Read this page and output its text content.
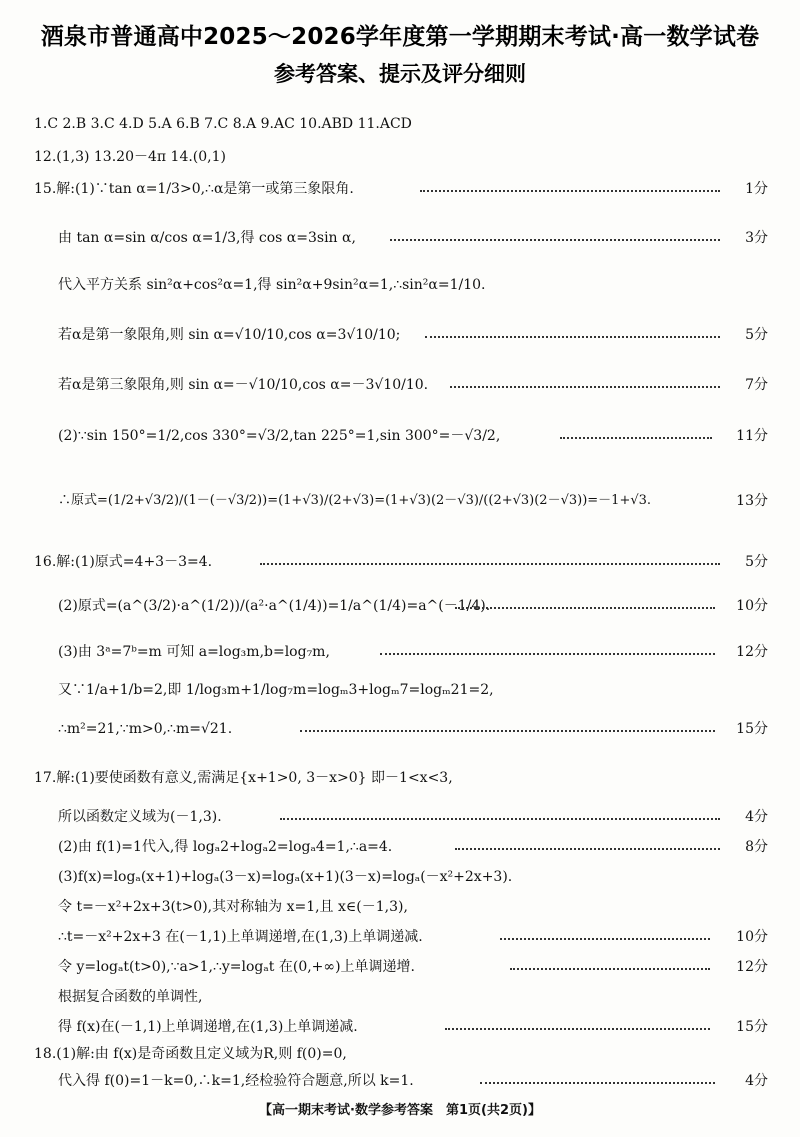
酒泉市普通高中2025～2026学年度第一学期期末考试·高一数学试卷
参考答案、提示及评分细则
1.C 2.B 3.C 4.D 5.A 6.B 7.C 8.A 9.AC 10.ABD 11.ACD
12.(1,3) 13.20－4π 14.(0,1)
15.解:(1)∵tan α=1/3>0,∴α是第一或第三象限角.	1分
由 tan α=sin α/cos α=1/3,得 cos α=3sin α,	3分
代入平方关系 sin²α+cos²α=1,得 sin²α+9sin²α=1,∴sin²α=1/10.
若α是第一象限角,则 sin α=√10/10,cos α=3√10/10;	5分
若α是第三象限角,则 sin α=－√10/10,cos α=－3√10/10.	7分
(2)∵sin 150°=1/2,cos 330°=√3/2,tan 225°=1,sin 300°=－√3/2,	11分
∴原式=(1/2+√3/2)/(1－(－√3/2))=(1+√3)/(2+√3)=(1+√3)(2－√3)/((2+√3)(2－√3))=－1+√3.	13分
16.解:(1)原式=4+3－3=4.	5分
(2)原式=(a^(3/2)·a^(1/2))/(a²·a^(1/4))=1/a^(1/4)=a^(－1/4).	10分
(3)由 3ᵃ=7ᵇ=m 可知 a=log₃m,b=log₇m,	12分
又∵1/a+1/b=2,即 1/log₃m+1/log₇m=logₘ3+logₘ7=logₘ21=2,
∴m²=21,∵m>0,∴m=√21.	15分
17.解:(1)要使函数有意义,需满足{x+1>0, 3－x>0} 即－1<x<3,
所以函数定义域为(－1,3).	4分
(2)由 f(1)=1代入,得 logₐ2+logₐ2=logₐ4=1,∴a=4.	8分
(3)f(x)=logₐ(x+1)+logₐ(3－x)=logₐ(x+1)(3－x)=logₐ(－x²+2x+3).
令 t=－x²+2x+3(t>0),其对称轴为 x=1,且 x∈(－1,3),
∴t=－x²+2x+3 在(－1,1)上单调递增,在(1,3)上单调递减.	10分
令 y=logₐt(t>0),∵a>1,∴y=logₐt 在(0,+∞)上单调递增.	12分
根据复合函数的单调性,
得 f(x)在(－1,1)上单调递增,在(1,3)上单调递减.	15分
18.(1)解:由 f(x)是奇函数且定义域为R,则 f(0)=0,
代入得 f(0)=1－k=0,∴k=1,经检验符合题意,所以 k=1.	4分
【高一期末考试·数学参考答案　第1页(共2页)】
